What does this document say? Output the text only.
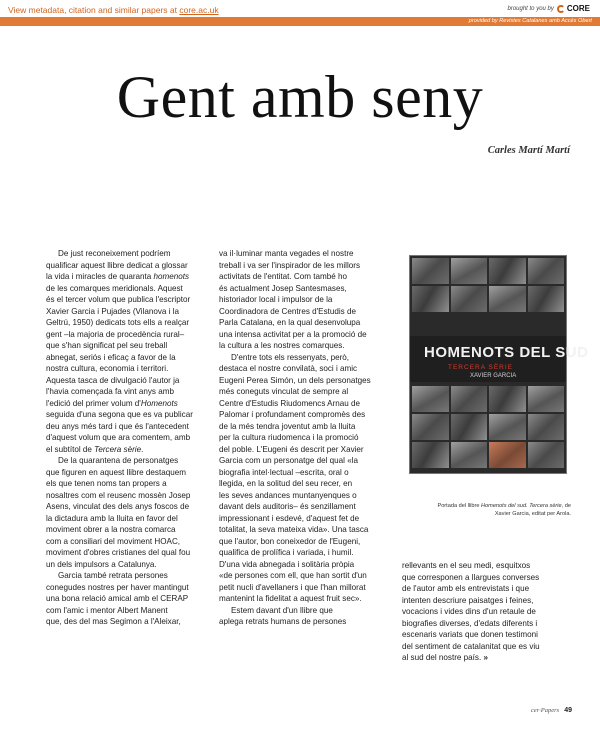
View metadata, citation and similar papers at core.ac.uk	brought to you by CORE
provided by Revistes Catalanes amb Accés Obert
Gent amb seny
Carles Martí Martí
De just reconeixement podríem
qualificar aquest llibre dedicat a glossar
la vida i miracles de quaranta homenots
de les comarques meridionals. Aquest
és el tercer volum que publica l'escriptor
Xavier Garcia i Pujades (Vilanova i la
Geltrú, 1950) dedicats tots ells a realçar
gent –la majoria de procedència rural–
que s'han significat pel seu treball
abnegat, seriós i eficaç a favor de la
nostra cultura, economia i territori.
Aquesta tasca de divulgació l'autor ja
l'havia començada fa vint anys amb
l'edició del primer volum d'Homenots
seguida d'una segona que es va publicar
deu anys més tard i que és l'antecedent
d'aquest volum que ara comentem, amb
el subtítol de Tercera sèrie.
De la quarantena de personatges
que figuren en aquest llibre destaquem
els que tenen noms tan propers a
nosaltres com el reusenc mossèn Josep
Asens, vinculat des dels anys foscos de
la dictadura amb la lluita en favor del
moviment obrer a la nostra comarca
com a consiliari del moviment HOAC,
moviment d'obres cristianes del qual fou
un dels impulsors a Catalunya.
Garcia també retrata persones
conegudes nostres per haver mantingut
una bona relació amical amb el CERAP
com l'amic i mentor Albert Manent
que, des del mas Segimon a l'Aleixar,
va il·luminar manta vegades el nostre
treball i va ser l'inspirador de les millors
activitats de l'entitat. Com també ho
és actualment Josep Santesmases,
historiador local i impulsor de la
Coordinadora de Centres d'Estudis de
Parla Catalana, en la qual desenvolupa
una intensa activitat per a la promoció de
la cultura a les nostres comarques.
D'entre tots els ressenyats, però,
destaca el nostre convilatà, soci i amic
Eugeni Perea Simón, un dels personatges
més coneguts vinculat de sempre al
Centre d'Estudis Riudomencs Arnau de
Palomar i profundament compromès des
de la més tendra joventut amb la lluita
per la cultura riudomenca i la promoció
del poble. L'Eugeni és descrit per Xavier
Garcia com un personatge del qual «la
biografia intel·lectual –escrita, oral o
llegida, en la solitud del seu recer, en
les seves andances muntanyenques o
davant dels auditoris– és senzillament
impressionant i esdevé, d'aquest fet de
totalitat, la seva mateixa vida». Una tasca
que l'autor, bon coneixedor de l'Eugeni,
qualifica de prolífica i variada, i humil.
D'una vida abnegada i solitària pròpia
«de persones com ell, que han sortit d'un
petit nucli d'avellaners i que l'han millorat
mantenint la fidelitat a aquest fruit sec».
Estem davant d'un llibre que
aplega retrats humans de persones
rellevants en el seu medi, esquitxos
que corresponen a llargues converses
de l'autor amb els entrevistats i que
intenten descriure paisatges i feines,
vocacions i vides dins d'un retaule de
biografies diverses, d'edats diferents i
escenaris variats que donen testimoni
del sentiment de catalanitat que es viu
al sud del nostre país. »
HOMENOTS DEL SUD
TERCERA SÈRIE
XAVIER GARCIA
Portada del llibre Homenots del sud. Tercera sèrie, de
Xavier Garcia, editat per Arola.
cer·Papers 49
